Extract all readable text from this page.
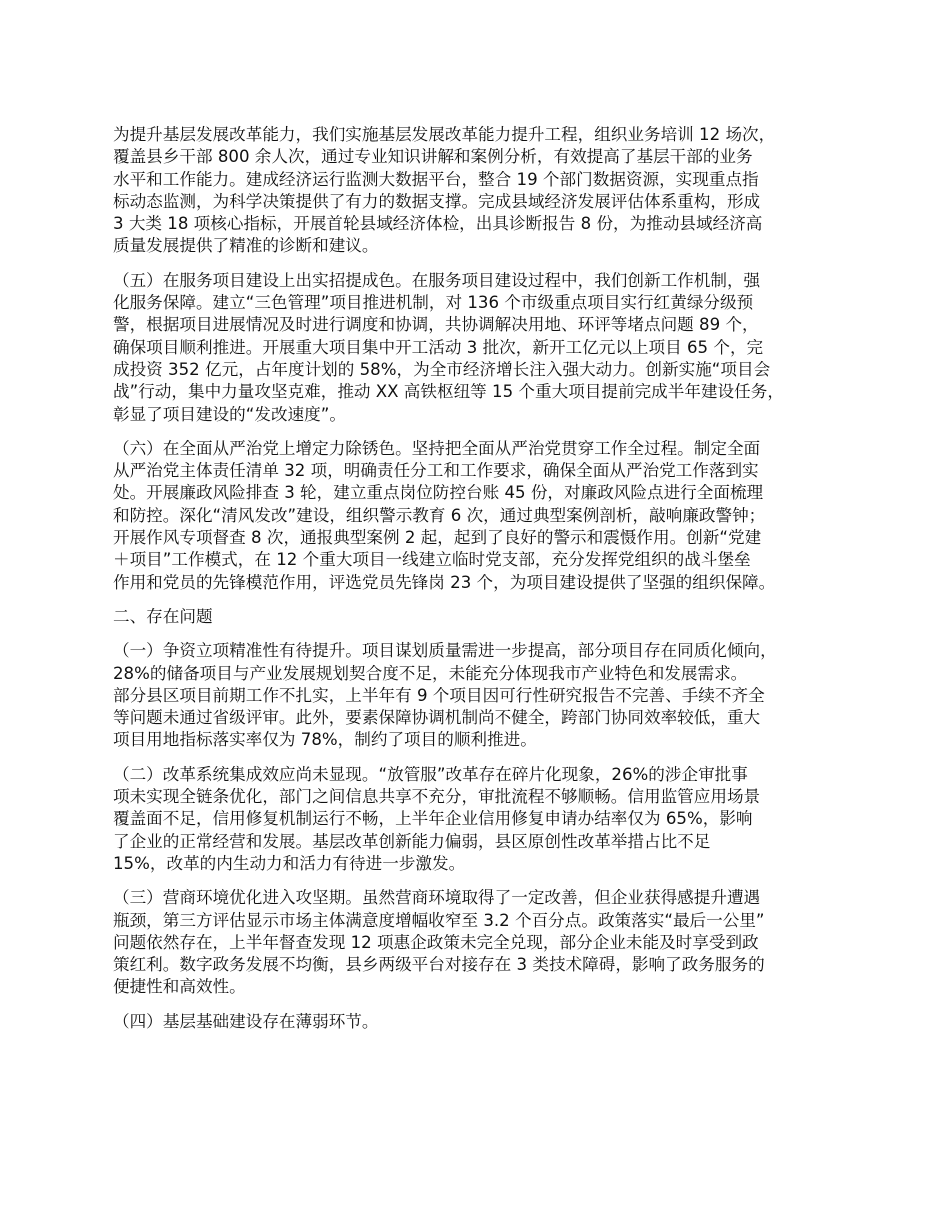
为提升基层发展改革能力，我们实施基层发展改革能力提升工程，组织业务培训 12 场次，
覆盖县乡干部 800 余人次，通过专业知识讲解和案例分析，有效提高了基层干部的业务
水平和工作能力。建成经济运行监测大数据平台，整合 19 个部门数据资源，实现重点指
标动态监测，为科学决策提供了有力的数据支撑。完成县域经济发展评估体系重构，形成
3 大类 18 项核心指标，开展首轮县域经济体检，出具诊断报告 8 份，为推动县域经济高
质量发展提供了精准的诊断和建议。
（五）在服务项目建设上出实招提成色。在服务项目建设过程中，我们创新工作机制，强
化服务保障。建立“三色管理”项目推进机制，对 136 个市级重点项目实行红黄绿分级预
警，根据项目进展情况及时进行调度和协调，共协调解决用地、环评等堵点问题 89 个，
确保项目顺利推进。开展重大项目集中开工活动 3 批次，新开工亿元以上项目 65 个，完
成投资 352 亿元，占年度计划的 58%，为全市经济增长注入强大动力。创新实施“项目会
战”行动，集中力量攻坚克难，推动 XX 高铁枢纽等 15 个重大项目提前完成半年建设任务，
彰显了项目建设的“发改速度”。
（六）在全面从严治党上增定力除锈色。坚持把全面从严治党贯穿工作全过程。制定全面
从严治党主体责任清单 32 项，明确责任分工和工作要求，确保全面从严治党工作落到实
处。开展廉政风险排查 3 轮，建立重点岗位防控台账 45 份，对廉政风险点进行全面梳理
和防控。深化“清风发改”建设，组织警示教育 6 次，通过典型案例剖析，敲响廉政警钟；
开展作风专项督查 8 次，通报典型案例 2 起，起到了良好的警示和震慑作用。创新“党建
＋项目”工作模式，在 12 个重大项目一线建立临时党支部，充分发挥党组织的战斗堡垒
作用和党员的先锋模范作用，评选党员先锋岗 23 个，为项目建设提供了坚强的组织保障。
二、存在问题
（一）争资立项精准性有待提升。项目谋划质量需进一步提高，部分项目存在同质化倾向，
28%的储备项目与产业发展规划契合度不足，未能充分体现我市产业特色和发展需求。
部分县区项目前期工作不扎实，上半年有 9 个项目因可行性研究报告不完善、手续不齐全
等问题未通过省级评审。此外，要素保障协调机制尚不健全，跨部门协同效率较低，重大
项目用地指标落实率仅为 78%，制约了项目的顺利推进。
（二）改革系统集成效应尚未显现。“放管服”改革存在碎片化现象，26%的涉企审批事
项未实现全链条优化，部门之间信息共享不充分，审批流程不够顺畅。信用监管应用场景
覆盖面不足，信用修复机制运行不畅，上半年企业信用修复申请办结率仅为 65%，影响
了企业的正常经营和发展。基层改革创新能力偏弱，县区原创性改革举措占比不足
15%，改革的内生动力和活力有待进一步激发。
（三）营商环境优化进入攻坚期。虽然营商环境取得了一定改善，但企业获得感提升遭遇
瓶颈，第三方评估显示市场主体满意度增幅收窄至 3.2 个百分点。政策落实“最后一公里”
问题依然存在，上半年督查发现 12 项惠企政策未完全兑现，部分企业未能及时享受到政
策红利。数字政务发展不均衡，县乡两级平台对接存在 3 类技术障碍，影响了政务服务的
便捷性和高效性。
（四）基层基础建设存在薄弱环节。
